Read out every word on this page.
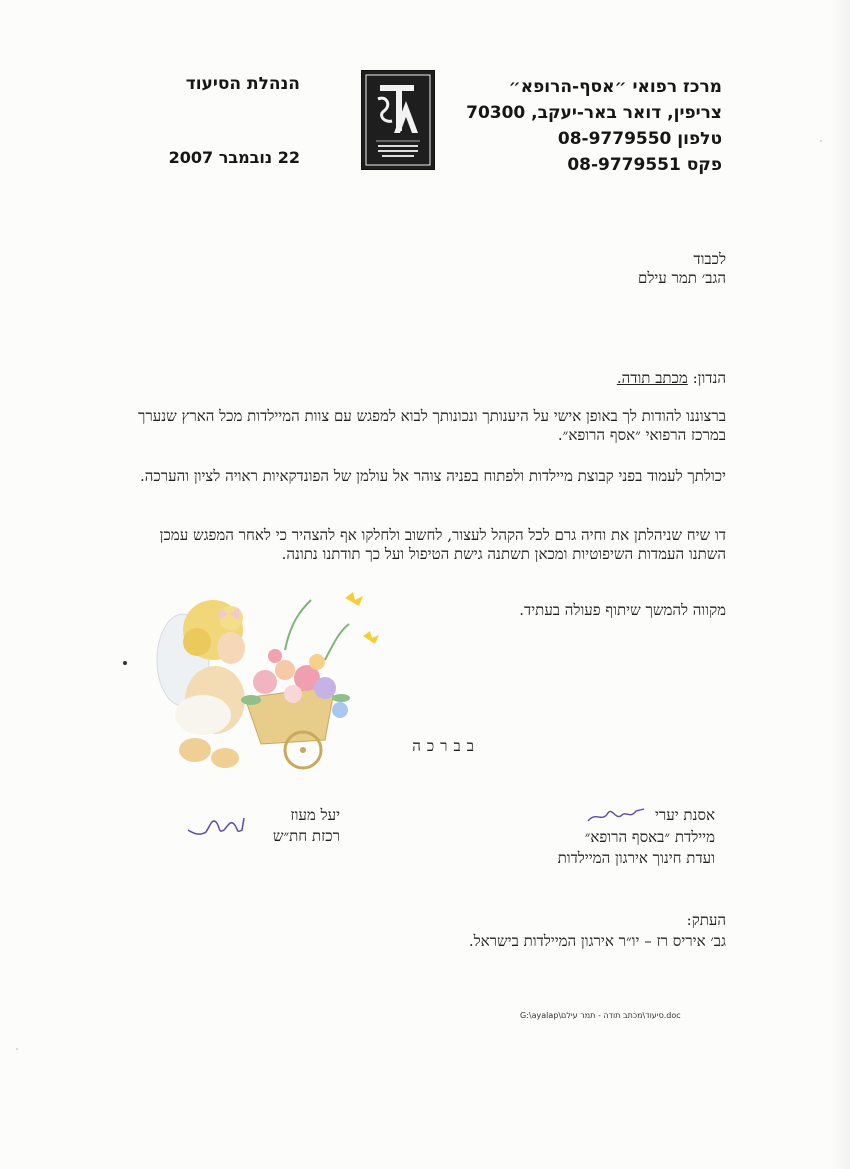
מרכז רפואי ״אסף-הרופא״
צריפין, דואר באר-יעקב, 70300
טלפון 08-9779550
פקס 08-9779551
הנהלת הסיעוד
22 נובמבר 2007
לכבוד
הגב׳ תמר עילם
הנדון: מכתב תודה.
ברצוננו להודות לך באופן אישי על היענותך ונכונותך לבוא למפגש עם צוות המיילדות מכל הארץ שנערך במרכז הרפואי ״אסף הרופא״.
יכולתך לעמוד בפני קבוצת מיילדות ולפתוח בפניה צוהר אל עולמן של הפונדקאיות ראויה לציון והערכה.
דו שיח שניהלתן את וחיה גרם לכל הקהל לעצור, לחשוב ולחלקו אף להצהיר כי לאחר המפגש עמכן השתנו העמדות השיפוטיות ומכאן תשתנה גישת הטיפול ועל כך תודתנו נתונה.
מקווה להמשך שיתוף פעולה בעתיד.
בברכה
אסנת יערי
מיילדת ״באסף הרופא״
ועדת חינוך אירגון המיילדות
יעל מעוז
רכזת חת״ש
העתק:
גב׳ איריס רז – יו״ר אירגון המיילדות בישראל.
G:\ayalap\סיעוד\מכתב תודה - תמר עילם.doc
